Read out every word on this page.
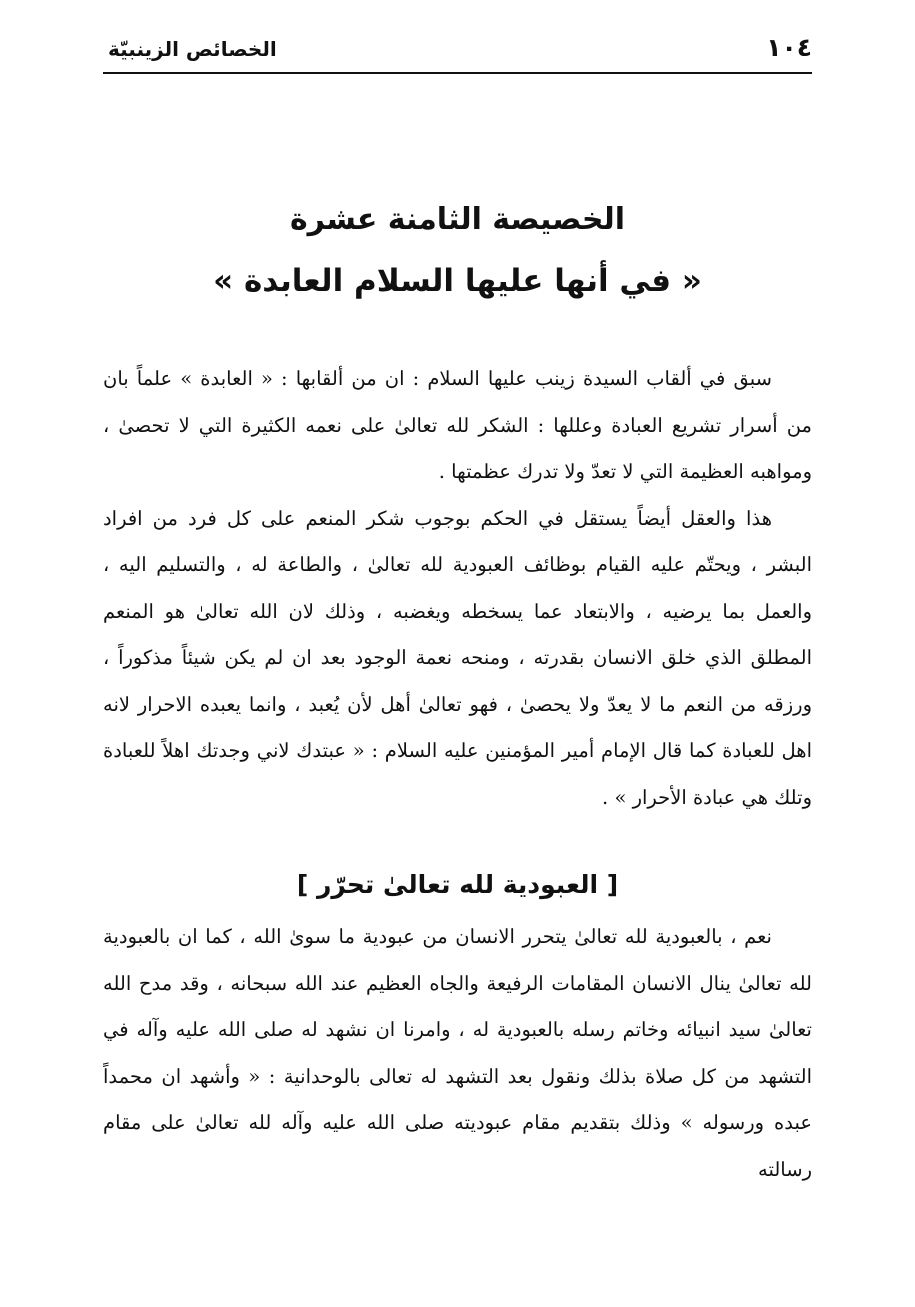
١٠٤
الخصائص الزينبيّة
الخصيصة الثامنة عشرة
« في أنها عليها السلام العابدة »

سبق في ألقاب السيدة زينب عليها السلام : ان من ألقابها : « العابدة » علماً بان من أسرار تشريع العبادة وعللها : الشكر لله تعالىٰ على نعمه الكثيرة التي لا تحصىٰ ، ومواهبه العظيمة التي لا تعدّ ولا تدرك عظمتها .

هذا والعقل أيضاً يستقل في الحكم بوجوب شكر المنعم على كل فرد من افراد البشر ، ويحتّم عليه القيام بوظائف العبودية لله تعالىٰ ، والطاعة له ، والتسليم اليه ، والعمل بما يرضيه ، والابتعاد عما يسخطه ويغضبه ، وذلك لان الله تعالىٰ هو المنعم المطلق الذي خلق الانسان بقدرته ، ومنحه نعمة الوجود بعد ان لم يكن شيئاً مذكوراً ، ورزقه من النعم ما لا يعدّ ولا يحصىٰ ، فهو تعالىٰ أهل لأن يُعبد ، وانما يعبده الاحرار لانه اهل للعبادة كما قال الإمام أمير المؤمنين عليه السلام : « عبتدك لاني وجدتك اهلاً للعبادة وتلك هي عبادة الأحرار » .

[ العبودية لله تعالىٰ تحرّر ]

نعم ، بالعبودية لله تعالىٰ يتحرر الانسان من عبودية ما سوىٰ الله ، كما ان بالعبودية لله تعالىٰ ينال الانسان المقامات الرفيعة والجاه العظيم عند الله سبحانه ، وقد مدح الله تعالىٰ سيد انبيائه وخاتم رسله بالعبودية له ، وامرنا ان نشهد له صلى الله عليه وآله في التشهد من كل صلاة بذلك ونقول بعد التشهد له تعالى بالوحدانية : « وأشهد ان محمداً عبده ورسوله » وذلك بتقديم مقام عبوديته صلى الله عليه وآله لله تعالىٰ على مقام رسالته
